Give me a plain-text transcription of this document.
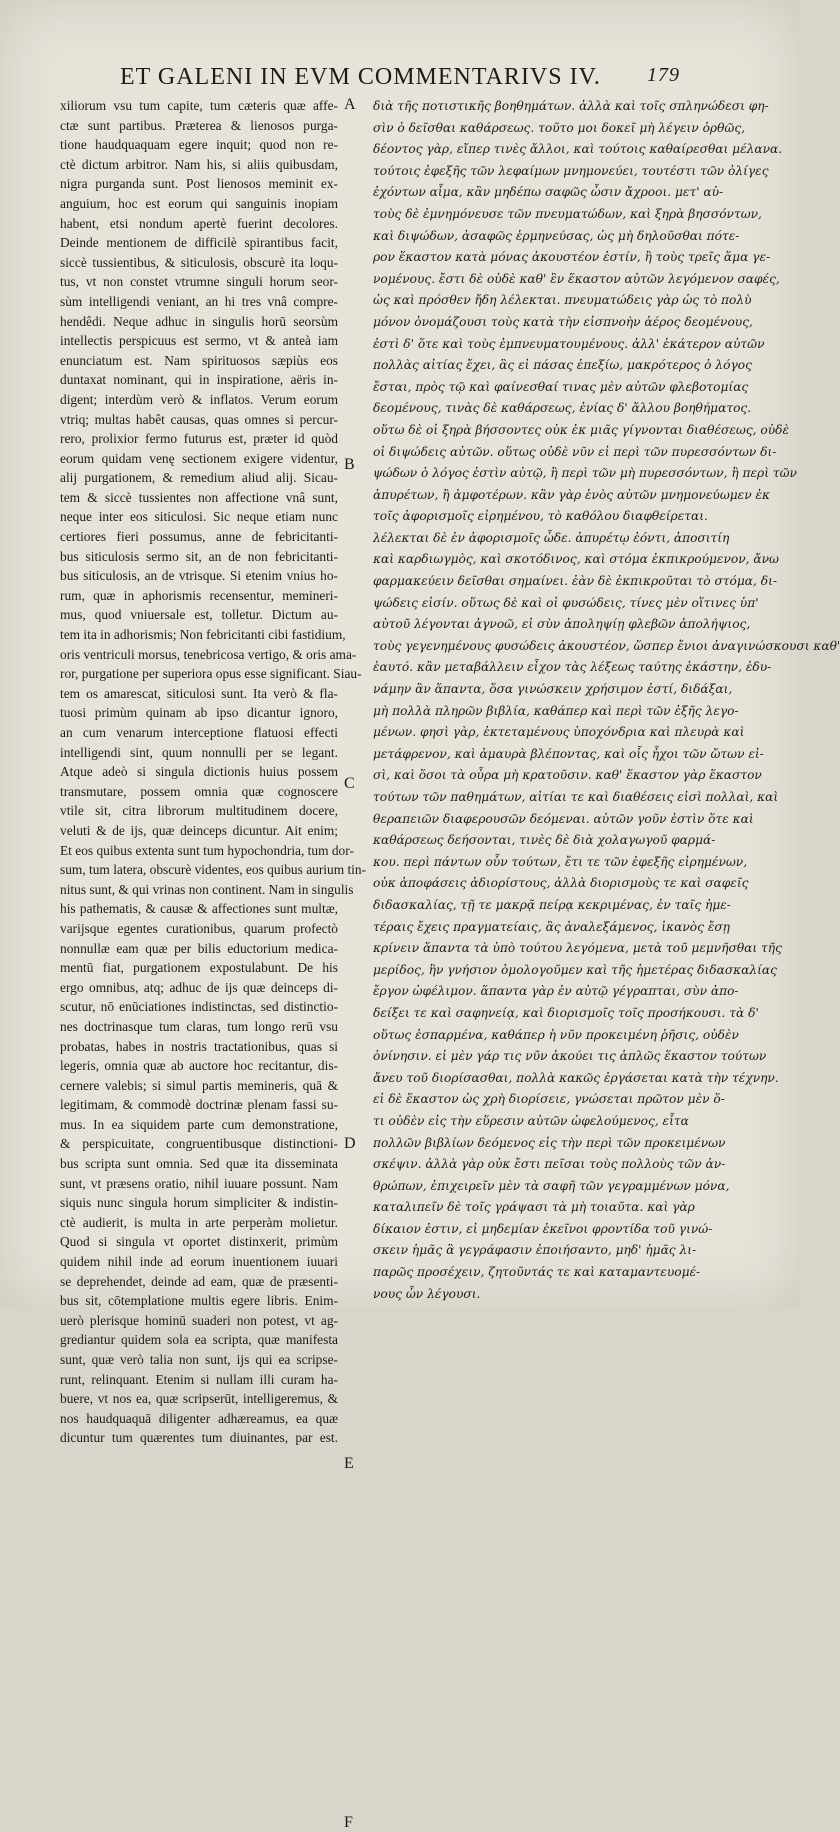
ET GALENI IN EVM COMMENTARIVS IV. 179
xiliorum vsu tum capite, tum cæteris quæ affe-
ctæ sunt partibus. Præterea & lienosos purga-
tione haudquaquam egere inquit; quod non re-
ctè dictum arbitror. Nam his, si aliis quibusdam,
nigra purganda sunt. Post lienosos meminit ex-
anguium, hoc est eorum qui sanguinis inopiam
habent, etsi nondum apertè fuerint decolores.
Deinde mentionem de difficilè spirantibus facit,
siccè tussientibus, & siticulosis, obscurè ita loqu-
tus, vt non constet vtrumne singuli horum seor-
sùm intelligendi veniant, an hi tres vnâ compre-
hendêdi. Neque adhuc in singulis horū seorsùm
intellectis perspicuus est sermo, vt & anteà iam
enunciatum est. Nam spirituosos sæpiùs eos
duntaxat nominant, qui in inspiratione, aëris in-
digent; interdùm verò & inflatos. Verum eorum
vtriq; multas habêt causas, quas omnes si percur-
rero, prolixior fermo futurus est, præter id quòd
eorum quidam venę sectionem exigere videntur,
alij purgationem, & remedium aliud alij. Sicau-
tem & siccè tussientes non affectione vnâ sunt,
neque inter eos siticulosi. Sic neque etiam nunc
certiores fieri possumus, anne de febricitanti-
bus siticulosis sermo sit, an de non febricitanti-
bus siticulosis, an de vtrisque. Si etenim vnius ho-
rum, quæ in aphorismis recensentur, memineri-
mus, quod vniuersale est, tolletur. Dictum au-
tem ita in adhorismis; Non febricitanti cibi fastidium,
oris ventriculi morsus, tenebricosa vertigo, & oris ama-
ror, purgatione per superiora opus esse significant. Siau-
tem os amarescat, siticulosi sunt. Ita verò & fla-
tuosi primùm quinam ab ipso dicantur ignoro,
an cum venarum interceptione flatuosi effecti
intelligendi sint, quum nonnulli per se legant.
Atque adeò si singula dictionis huius possem
transmutare, possem omnia quæ cognoscere
vtile sit, citra librorum multitudinem docere,
veluti & de ijs, quæ deinceps dicuntur. Ait enim;
Et eos quibus extenta sunt tum hypochondria, tum dor-
sum, tum latera, obscurè videntes, eos quibus aurium tin-
nitus sunt, & qui vrinas non continent. Nam in singulis
his pathematis, & causæ & affectiones sunt multæ,
varijsque egentes curationibus, quarum profectò
nonnullæ eam quæ per bilis eductorium medica-
mentū fiat, purgationem expostulabunt. De his
ergo omnibus, atq; adhuc de ijs quæ deinceps di-
scutur, nō enūciationes indistinctas, sed distinctio-
nes doctrinasque tum claras, tum longo rerū vsu
probatas, habes in nostris tractationibus, quas si
legeris, omnia quæ ab auctore hoc recitantur, dis-
cernere valebis; si simul partis memineris, quā &
legitimam, & commodè doctrinæ plenam fassi su-
mus. In ea siquidem parte cum demonstratione,
& perspicuitate, congruentibusque distinctioni-
bus scripta sunt omnia. Sed quæ ita disseminata
sunt, vt præsens oratio, nihil iuuare possunt. Nam
siquis nunc singula horum simpliciter & indistin-
ctè audierit, is multa in arte perperàm molietur.
Quod si singula vt oportet distinxerit, primùm
quidem nihil inde ad eorum inuentionem iuuari
se deprehendet, deinde ad eam, quæ de præsenti-
bus sit, cōtemplatione multis egere libris. Enim-
uerò plerisque hominū suaderi non potest, vt ag-
grediantur quidem sola ea scripta, quæ manifesta
sunt, quæ verò talia non sunt, ijs qui ea scripse-
runt, relinquant. Etenim si nullam illi curam ha-
buere, vt nos ea, quæ scripserūt, intelligeremus, &
nos haudquaquā diligenter adhæreamus, ea quæ
dicuntur tum quærentes tum diuinantes, par est.
A
B
C
D
E
F
διὰ τῆς ποτιστικῆς βοηθημάτων. ἀλλὰ καὶ τοῖς σπληνώδεσι φη-
σὶν ὁ δεῖσθαι καθάρσεως. τοῦτο μοι δοκεῖ μὴ λέγειν ὀρθῶς,
δέοντος γὰρ, εἴπερ τινὲς ἄλλοι, καὶ τούτοις καθαίρεσθαι μέλανα.
τούτοις ἐφεξῆς τῶν λεφαίμων μνημονεύει, τουτέστι τῶν ὀλίγες
ἐχόντων αἷμα, κἂν μηδέπω σαφῶς ὦσιν ἄχροοι. μετ' αὐ-
τοὺς δὲ ἐμνημόνευσε τῶν πνευματώδων, καὶ ξηρὰ βησσόντων,
καὶ διψώδων, ἀσαφῶς ἑρμηνεύσας, ὡς μὴ δηλοῦσθαι πότε-
ρον ἕκαστον κατὰ μόνας ἀκουστέον ἐστίν, ἢ τοὺς τρεῖς ἅμα γε-
νομένους. ἔστι δὲ οὐδὲ καθ' ἓν ἕκαστον αὐτῶν λεγόμενον σαφές,
ὡς καὶ πρόσθεν ἤδη λέλεκται. πνευματώδεις γὰρ ὡς τὸ πολὺ
μόνον ὀνομάζουσι τοὺς κατὰ τὴν εἰσπνοὴν ἀέρος δεομένους,
ἐστὶ δ' ὅτε καὶ τοὺς ἐμπνευματουμένους. ἀλλ' ἑκάτερον αὐτῶν
πολλὰς αἰτίας ἔχει, ἃς εἰ πάσας ἐπεξίω, μακρότερος ὁ λόγος
ἔσται, πρὸς τῷ καὶ φαίνεσθαί τινας μὲν αὐτῶν φλεβοτομίας
δεομένους, τινὰς δὲ καθάρσεως, ἐνίας δ' ἄλλου βοηθήματος.
οὕτω δὲ οἱ ξηρὰ βήσσοντες οὐκ ἐκ μιᾶς γίγνονται διαθέσεως, οὐδὲ
οἱ διψώδεις αὐτῶν. οὕτως οὐδὲ νῦν εἰ περὶ τῶν πυρεσσόντων δι-
ψώδων ὁ λόγος ἐστὶν αὐτῷ, ἢ περὶ τῶν μὴ πυρεσσόντων, ἢ περὶ τῶν
ἀπυρέτων, ἢ ἀμφοτέρων. κἂν γὰρ ἑνὸς αὐτῶν μνημονεύωμεν ἐκ
τοῖς ἀφορισμοῖς εἰρημένου, τὸ καθόλου διαφθείρεται.
λέλεκται δὲ ἐν ἀφορισμοῖς ὧδε. ἀπυρέτῳ ἐόντι, ἀποσιτίη
καὶ καρδιωγμὸς, καὶ σκοτόδινος, καὶ στόμα ἐκπικρούμενον, ἄνω
φαρμακεύειν δεῖσθαι σημαίνει. ἐὰν δὲ ἐκπικροῦται τὸ στόμα, δι-
ψώδεις εἰσίν. οὕτως δὲ καὶ οἱ φυσώδεις, τίνες μὲν οἵτινες ὑπ'
αὐτοῦ λέγονται ἀγνοῶ, εἰ σὺν ἀποληψίῃ φλεβῶν ἀπολήψιος,
τοὺς γεγενημένους φυσώδεις ἀκουστέον, ὥσπερ ἔνιοι ἀναγινώσκουσι καθ'
ἑαυτό. κἂν μεταβάλλειν εἶχον τὰς λέξεως ταύτης ἑκάστην, ἐδυ-
νάμην ἂν ἅπαντα, ὅσα γινώσκειν χρήσιμον ἐστί, διδάξαι,
μὴ πολλὰ πληρῶν βιβλία, καθάπερ καὶ περὶ τῶν ἐξῆς λεγο-
μένων. φησὶ γὰρ, ἐκτεταμένους ὑποχόνδρια καὶ πλευρὰ καὶ
μετάφρενον, καὶ ἀμαυρὰ βλέποντας, καὶ οἷς ἦχοι τῶν ὤτων εἰ-
σὶ, καὶ ὅσοι τὰ οὖρα μὴ κρατοῦσιν. καθ' ἕκαστον γὰρ ἕκαστον
τούτων τῶν παθημάτων, αἰτίαι τε καὶ διαθέσεις εἰσὶ πολλαὶ, καὶ
θεραπειῶν διαφερουσῶν δεόμεναι. αὐτῶν γοῦν ἐστὶν ὅτε καὶ
καθάρσεως δεήσονται, τινὲς δὲ διὰ χολαγωγοῦ φαρμά-
κου. περὶ πάντων οὖν τούτων, ἔτι τε τῶν ἐφεξῆς εἰρημένων,
οὐκ ἀποφάσεις ἀδιορίστους, ἀλλὰ διορισμοὺς τε καὶ σαφεῖς
διδασκαλίας, τῇ τε μακρᾷ πείρᾳ κεκριμένας, ἐν ταῖς ἡμε-
τέραις ἔχεις πραγματείαις, ἃς ἀναλεξάμενος, ἱκανὸς ἔσῃ
κρίνειν ἅπαντα τὰ ὑπὸ τούτου λεγόμενα, μετὰ τοῦ μεμνῆσθαι τῆς
μερίδος, ἣν γνήσιον ὁμολογοῦμεν καὶ τῆς ἡμετέρας διδασκαλίας
ἔργον ὠφέλιμον. ἅπαντα γὰρ ἐν αὐτῷ γέγραπται, σὺν ἀπο-
δείξει τε καὶ σαφηνείᾳ, καὶ διορισμοῖς τοῖς προσήκουσι. τὰ δ'
οὕτως ἐσπαρμένα, καθάπερ ἡ νῦν προκειμένη ῥῆσις, οὐδὲν
ὀνίνησιν. εἰ μὲν γάρ τις νῦν ἀκούει τις ἁπλῶς ἕκαστον τούτων
ἄνευ τοῦ διορίσασθαι, πολλὰ κακῶς ἐργάσεται κατὰ τὴν τέχνην.
εἰ δὲ ἕκαστον ὡς χρὴ διορίσειε, γνώσεται πρῶτον μὲν ὅ-
τι οὐδὲν εἰς τὴν εὕρεσιν αὐτῶν ὠφελούμενος, εἶτα
πολλῶν βιβλίων δεόμενος εἰς τὴν περὶ τῶν προκειμένων
σκέψιν. ἀλλὰ γὰρ οὐκ ἔστι πεῖσαι τοὺς πολλοὺς τῶν ἀν-
θρώπων, ἐπιχειρεῖν μὲν τὰ σαφῆ τῶν γεγραμμένων μόνα,
καταλιπεῖν δὲ τοῖς γράψασι τὰ μὴ τοιαῦτα. καὶ γὰρ
δίκαιον ἐστιν, εἰ μηδεμίαν ἐκεῖνοι φροντίδα τοῦ γινώ-
σκειν ἡμᾶς ἃ γεγράφασιν ἐποιήσαντο, μηδ' ἡμᾶς λι-
παρῶς προσέχειν, ζητοῦντάς τε καὶ καταμαντευομέ-
νους ὧν λέγουσι.
